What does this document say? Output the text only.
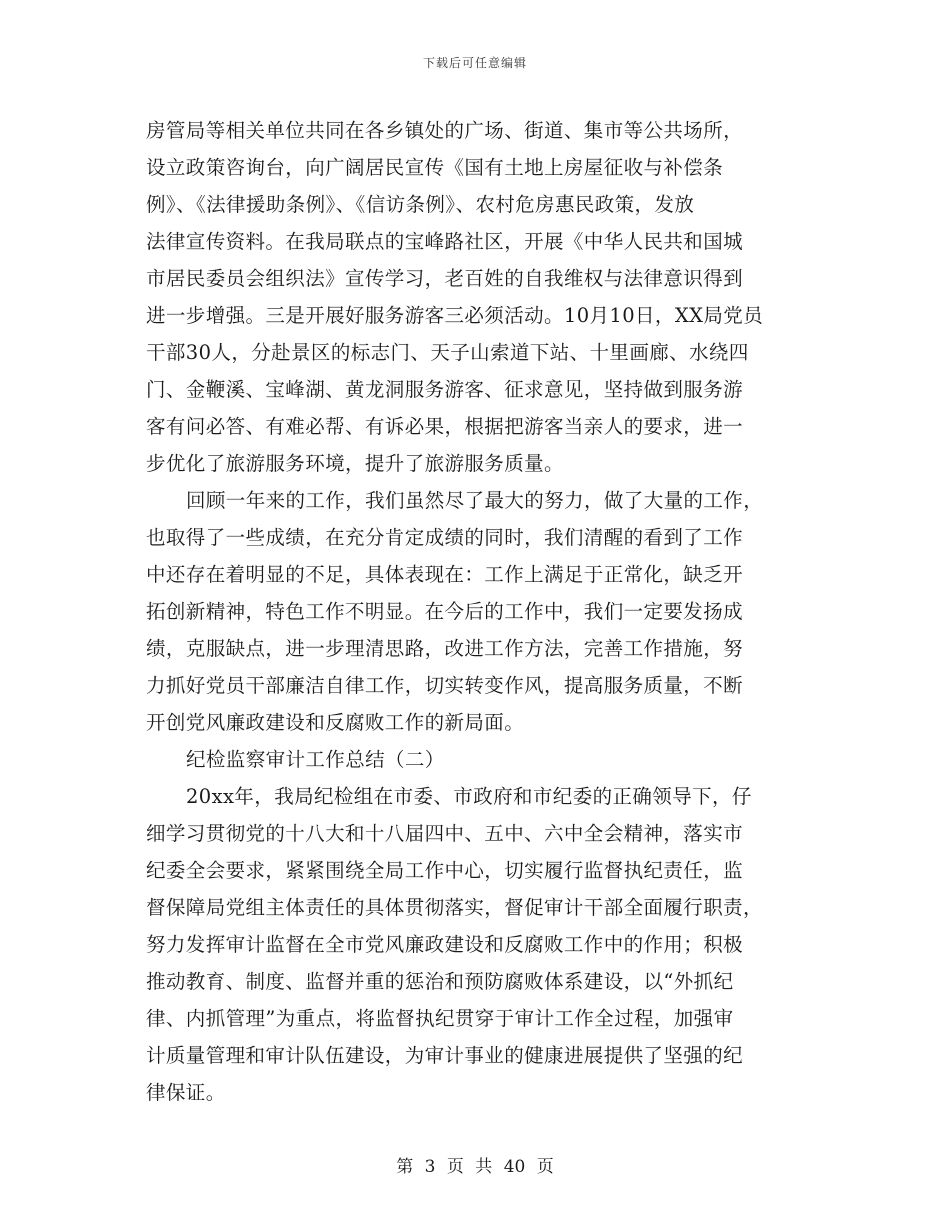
下载后可任意编辑
房管局等相关单位共同在各乡镇处的广场、街道、集市等公共场所，
设立政策咨询台，向广阔居民宣传《国有土地上房屋征收与补偿条
例》、《法律援助条例》、《信访条例》、农村危房惠民政策，发放
法律宣传资料。在我局联点的宝峰路社区，开展《中华人民共和国城
市居民委员会组织法》宣传学习，老百姓的自我维权与法律意识得到
进一步增强。三是开展好服务游客三必须活动。10月10日，XX局党员
干部30人，分赴景区的标志门、天子山索道下站、十里画廊、水绕四
门、金鞭溪、宝峰湖、黄龙洞服务游客、征求意见，坚持做到服务游
客有问必答、有难必帮、有诉必果，根据把游客当亲人的要求，进一
步优化了旅游服务环境，提升了旅游服务质量。
回顾一年来的工作，我们虽然尽了最大的努力，做了大量的工作，
也取得了一些成绩，在充分肯定成绩的同时，我们清醒的看到了工作
中还存在着明显的不足，具体表现在：工作上满足于正常化，缺乏开
拓创新精神，特色工作不明显。在今后的工作中，我们一定要发扬成
绩，克服缺点，进一步理清思路，改进工作方法，完善工作措施，努
力抓好党员干部廉洁自律工作，切实转变作风，提高服务质量，不断
开创党风廉政建设和反腐败工作的新局面。
纪检监察审计工作总结（二）
20xx年，我局纪检组在市委、市政府和市纪委的正确领导下，仔
细学习贯彻党的十八大和十八届四中、五中、六中全会精神，落实市
纪委全会要求，紧紧围绕全局工作中心，切实履行监督执纪责任，监
督保障局党组主体责任的具体贯彻落实，督促审计干部全面履行职责，
努力发挥审计监督在全市党风廉政建设和反腐败工作中的作用；积极
推动教育、制度、监督并重的惩治和预防腐败体系建设，以“外抓纪
律、内抓管理”为重点，将监督执纪贯穿于审计工作全过程，加强审
计质量管理和审计队伍建设，为审计事业的健康进展提供了坚强的纪
律保证。
第 3 页 共 40 页
